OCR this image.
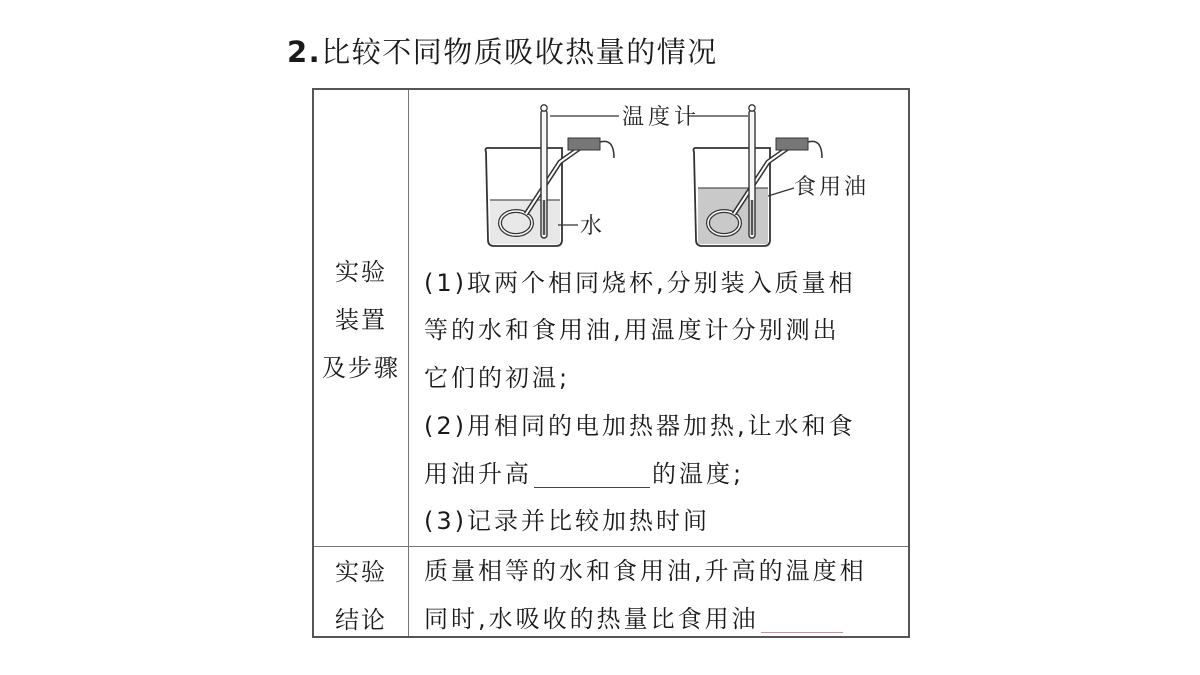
2.比较不同物质吸收热量的情况
实验
装置
及步骤
实验
结论
水
温度计
食用油
(1)取两个相同烧杯,分别装入质量相
等的水和食用油,用温度计分别测出
它们的初温;
(2)用相同的电加热器加热,让水和食
用油升高	的温度;
(3)记录并比较加热时间
质量相等的水和食用油,升高的温度相
同时,水吸收的热量比食用油
